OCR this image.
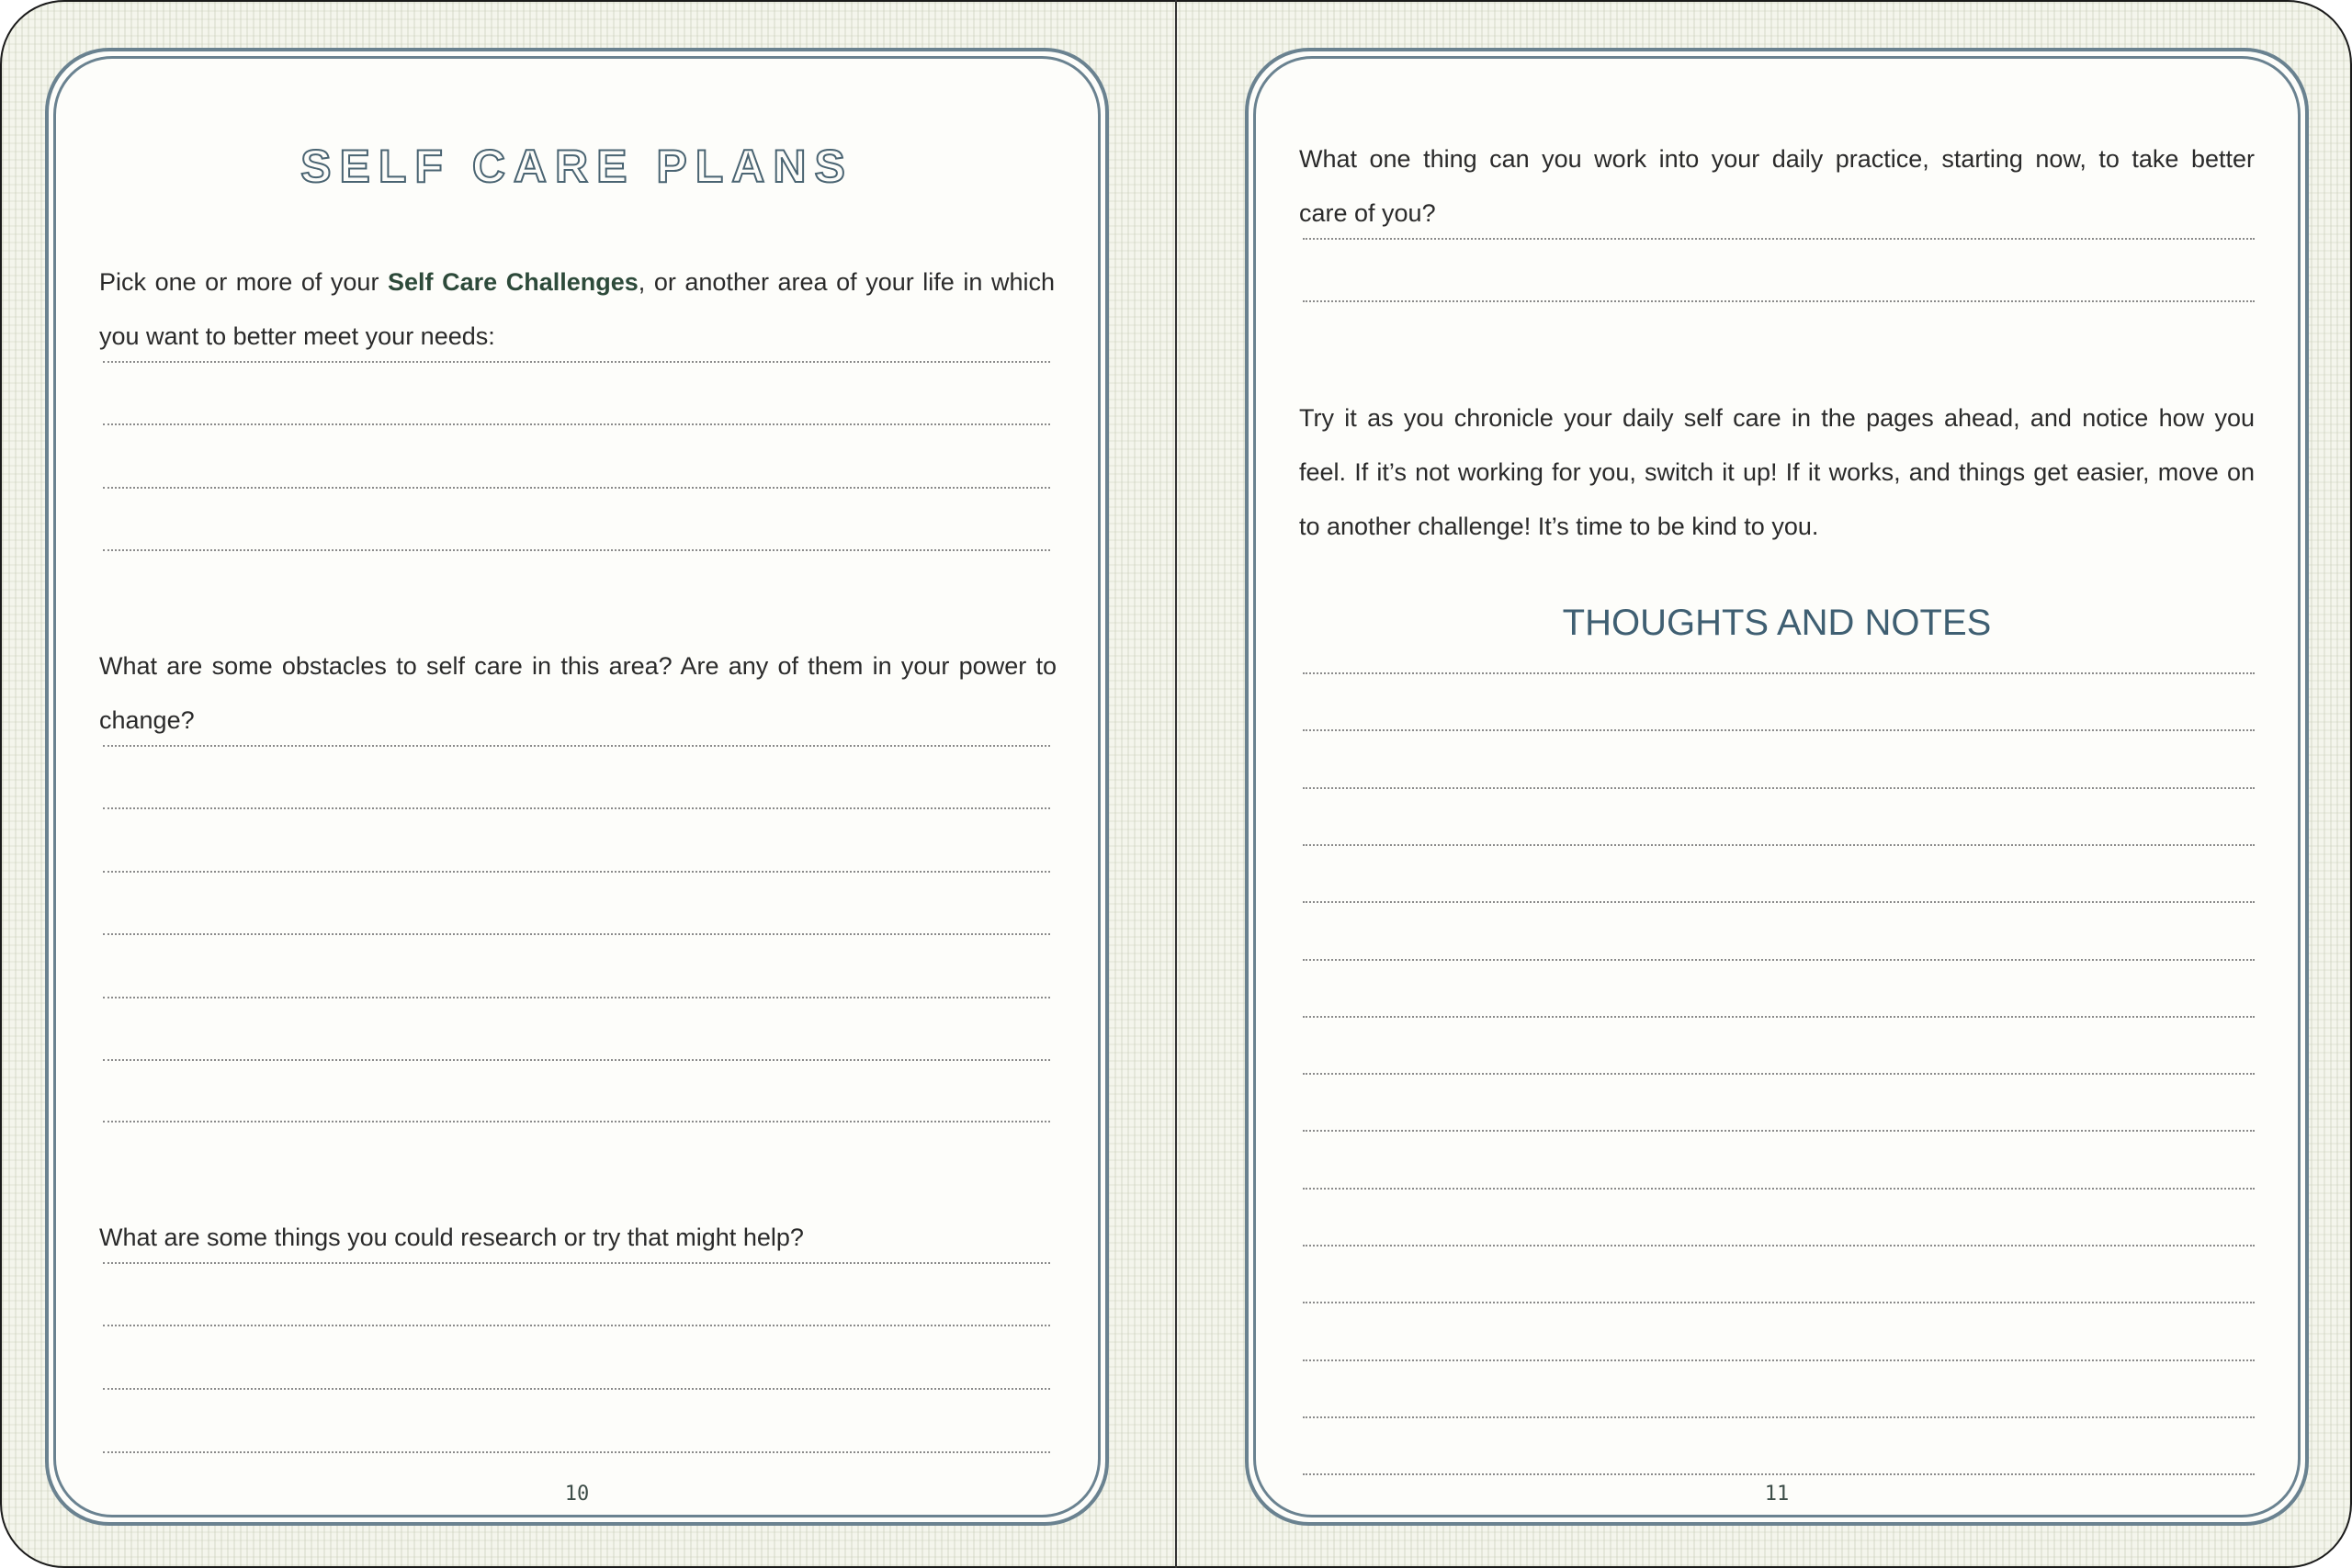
SELF CARE PLANS
Pick one or more of your Self Care Challenges, or another area of your life in which
you want to better meet your needs:
What are some obstacles to self care in this area? Are any of them in your power to
change?
What are some things you could research or try that might help?
10
What one thing can you work into your daily practice, starting now, to take better
care of you?
Try it as you chronicle your daily self care in the pages ahead, and notice how you
feel. If it’s not working for you, switch it up! If it works, and things get easier, move on
to another challenge! It’s time to be kind to you.
THOUGHTS AND NOTES
11
